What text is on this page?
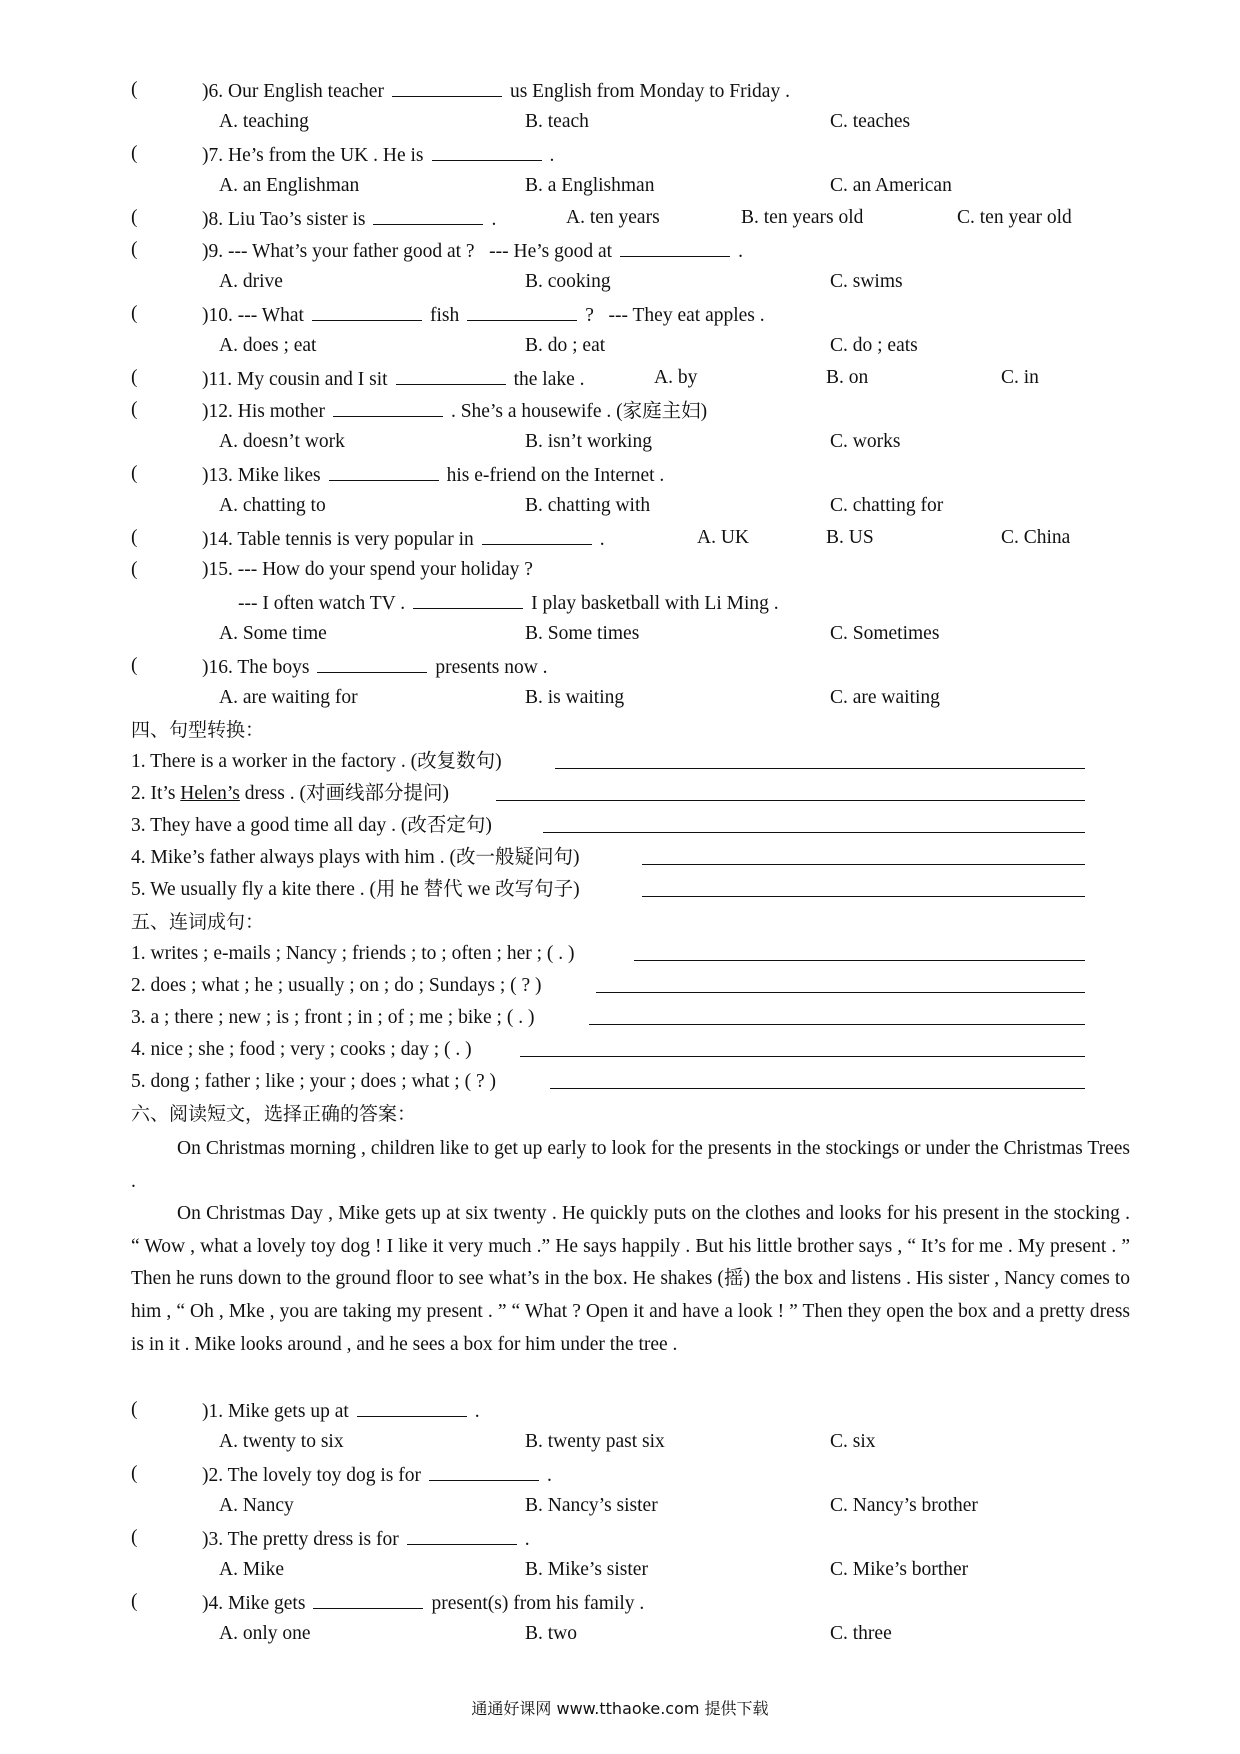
(	)6. Our English teacher	us English from Monday to Friday .
A. teaching	B. teach	C. teaches
(	)7. He’s from the UK . He is	.
A. an Englishman	B. a Englishman	C. an American
(	)8. Liu Tao’s sister is	.	A. ten years	B. ten years old	C. ten year old
(	)9. --- What’s your father good at ? --- He’s good at	.
A. drive	B. cooking	C. swims
(	)10. --- What	fish	? --- They eat apples .
A. does ; eat	B. do ; eat	C. do ; eats
(	)11. My cousin and I sit	the lake .	A. by	B. on	C. in
(	)12. His mother	. She’s a housewife . (家庭主妇)
A. doesn’t work	B. isn’t working	C. works
(	)13. Mike likes	his e-friend on the Internet .
A. chatting to	B. chatting with	C. chatting for
(	)14. Table tennis is very popular in	.	A. UK	B. US	C. China
(	)15. --- How do your spend your holiday ?
--- I often watch TV .	I play basketball with Li Ming .
A. Some time	B. Some times	C. Sometimes
(	)16. The boys	presents now .
A. are waiting for	B. is waiting	C. are waiting
四、句型转换：
1. There is a worker in the factory . (改复数句)
2. It’s Helen’s dress . (对画线部分提问)
3. They have a good time all day . (改否定句)
4. Mike’s father always plays with him . (改一般疑问句)
5. We usually fly a kite there . (用 he 替代 we 改写句子)
五、连词成句：
1. writes ; e-mails ; Nancy ; friends ; to ; often ; her ; ( . )
2. does ; what ; he ; usually ; on ; do ; Sundays ; ( ? )
3. a ; there ; new ; is ; front ; in ; of ; me ; bike ; ( . )
4. nice ; she ; food ; very ; cooks ; day ; ( . )
5. dong ; father ; like ; your ; does ; what ; ( ? )
六、阅读短文，选择正确的答案：

On Christmas morning , children like to get up early to look for the presents in the stockings or under the Christmas Trees .

On Christmas Day , Mike gets up at six twenty . He quickly puts on the clothes and looks for his present in the stocking . “ Wow , what a lovely toy dog ! I like it very much .” He says happily . But his little brother says , “ It’s for me . My present . ” Then he runs down to the ground floor to see what’s in the box. He shakes (摇) the box and listens . His sister , Nancy comes to him , “ Oh , Mke , you are taking my present . ” “ What ? Open it and have a look ! ” Then they open the box and a pretty dress is in it . Mike looks around , and he sees a box for him under the tree .

(	)1. Mike gets up at	.
A. twenty to six	B. twenty past six	C. six
(	)2. The lovely toy dog is for	.
A. Nancy	B. Nancy’s sister	C. Nancy’s brother
(	)3. The pretty dress is for	.
A. Mike	B. Mike’s sister	C. Mike’s borther
(	)4. Mike gets	present(s) from his family .
A. only one	B. two	C. three
通通好课网 www.tthaoke.com 提供下载
